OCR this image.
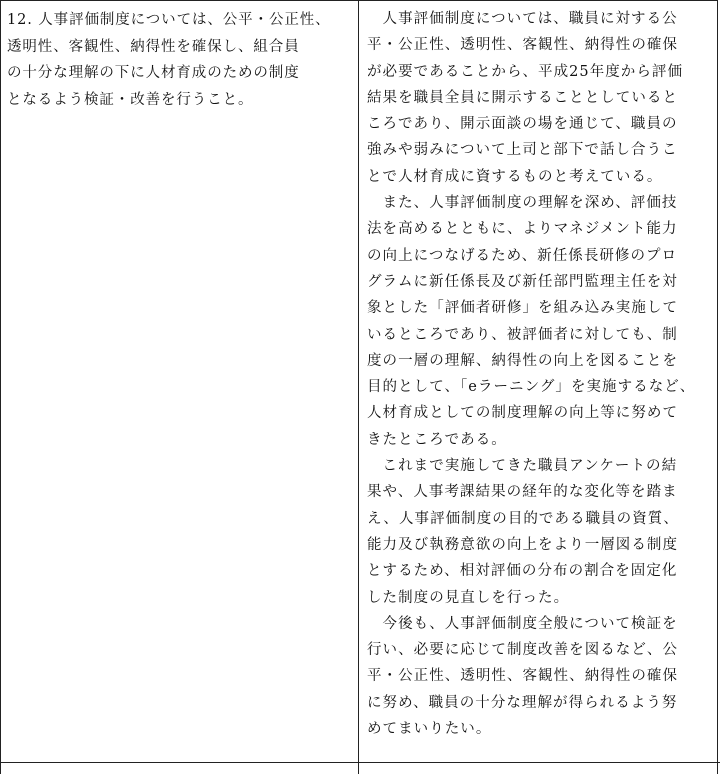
12. 人事評価制度については、公平・公正性、
透明性、客観性、納得性を確保し、組合員
の十分な理解の下に人材育成のための制度
となるよう検証・改善を行うこと。
　人事評価制度については、職員に対する公
平・公正性、透明性、客観性、納得性の確保
が必要であることから、平成25年度から評価
結果を職員全員に開示することとしていると
ころであり、開示面談の場を通じて、職員の
強みや弱みについて上司と部下で話し合うこ
とで人材育成に資するものと考えている。
　また、人事評価制度の理解を深め、評価技
法を高めるとともに、よりマネジメント能力
の向上につなげるため、新任係長研修のプロ
グラムに新任係長及び新任部門監理主任を対
象とした「評価者研修」を組み込み実施して
いるところであり、被評価者に対しても、制
度の一層の理解、納得性の向上を図ることを
目的として、「eラーニング」を実施するなど、
人材育成としての制度理解の向上等に努めて
きたところである。
　これまで実施してきた職員アンケートの結
果や、人事考課結果の経年的な変化等を踏ま
え、人事評価制度の目的である職員の資質、
能力及び執務意欲の向上をより一層図る制度
とするため、相対評価の分布の割合を固定化
した制度の見直しを行った。
　今後も、人事評価制度全般について検証を
行い、必要に応じて制度改善を図るなど、公
平・公正性、透明性、客観性、納得性の確保
に努め、職員の十分な理解が得られるよう努
めてまいりたい。
